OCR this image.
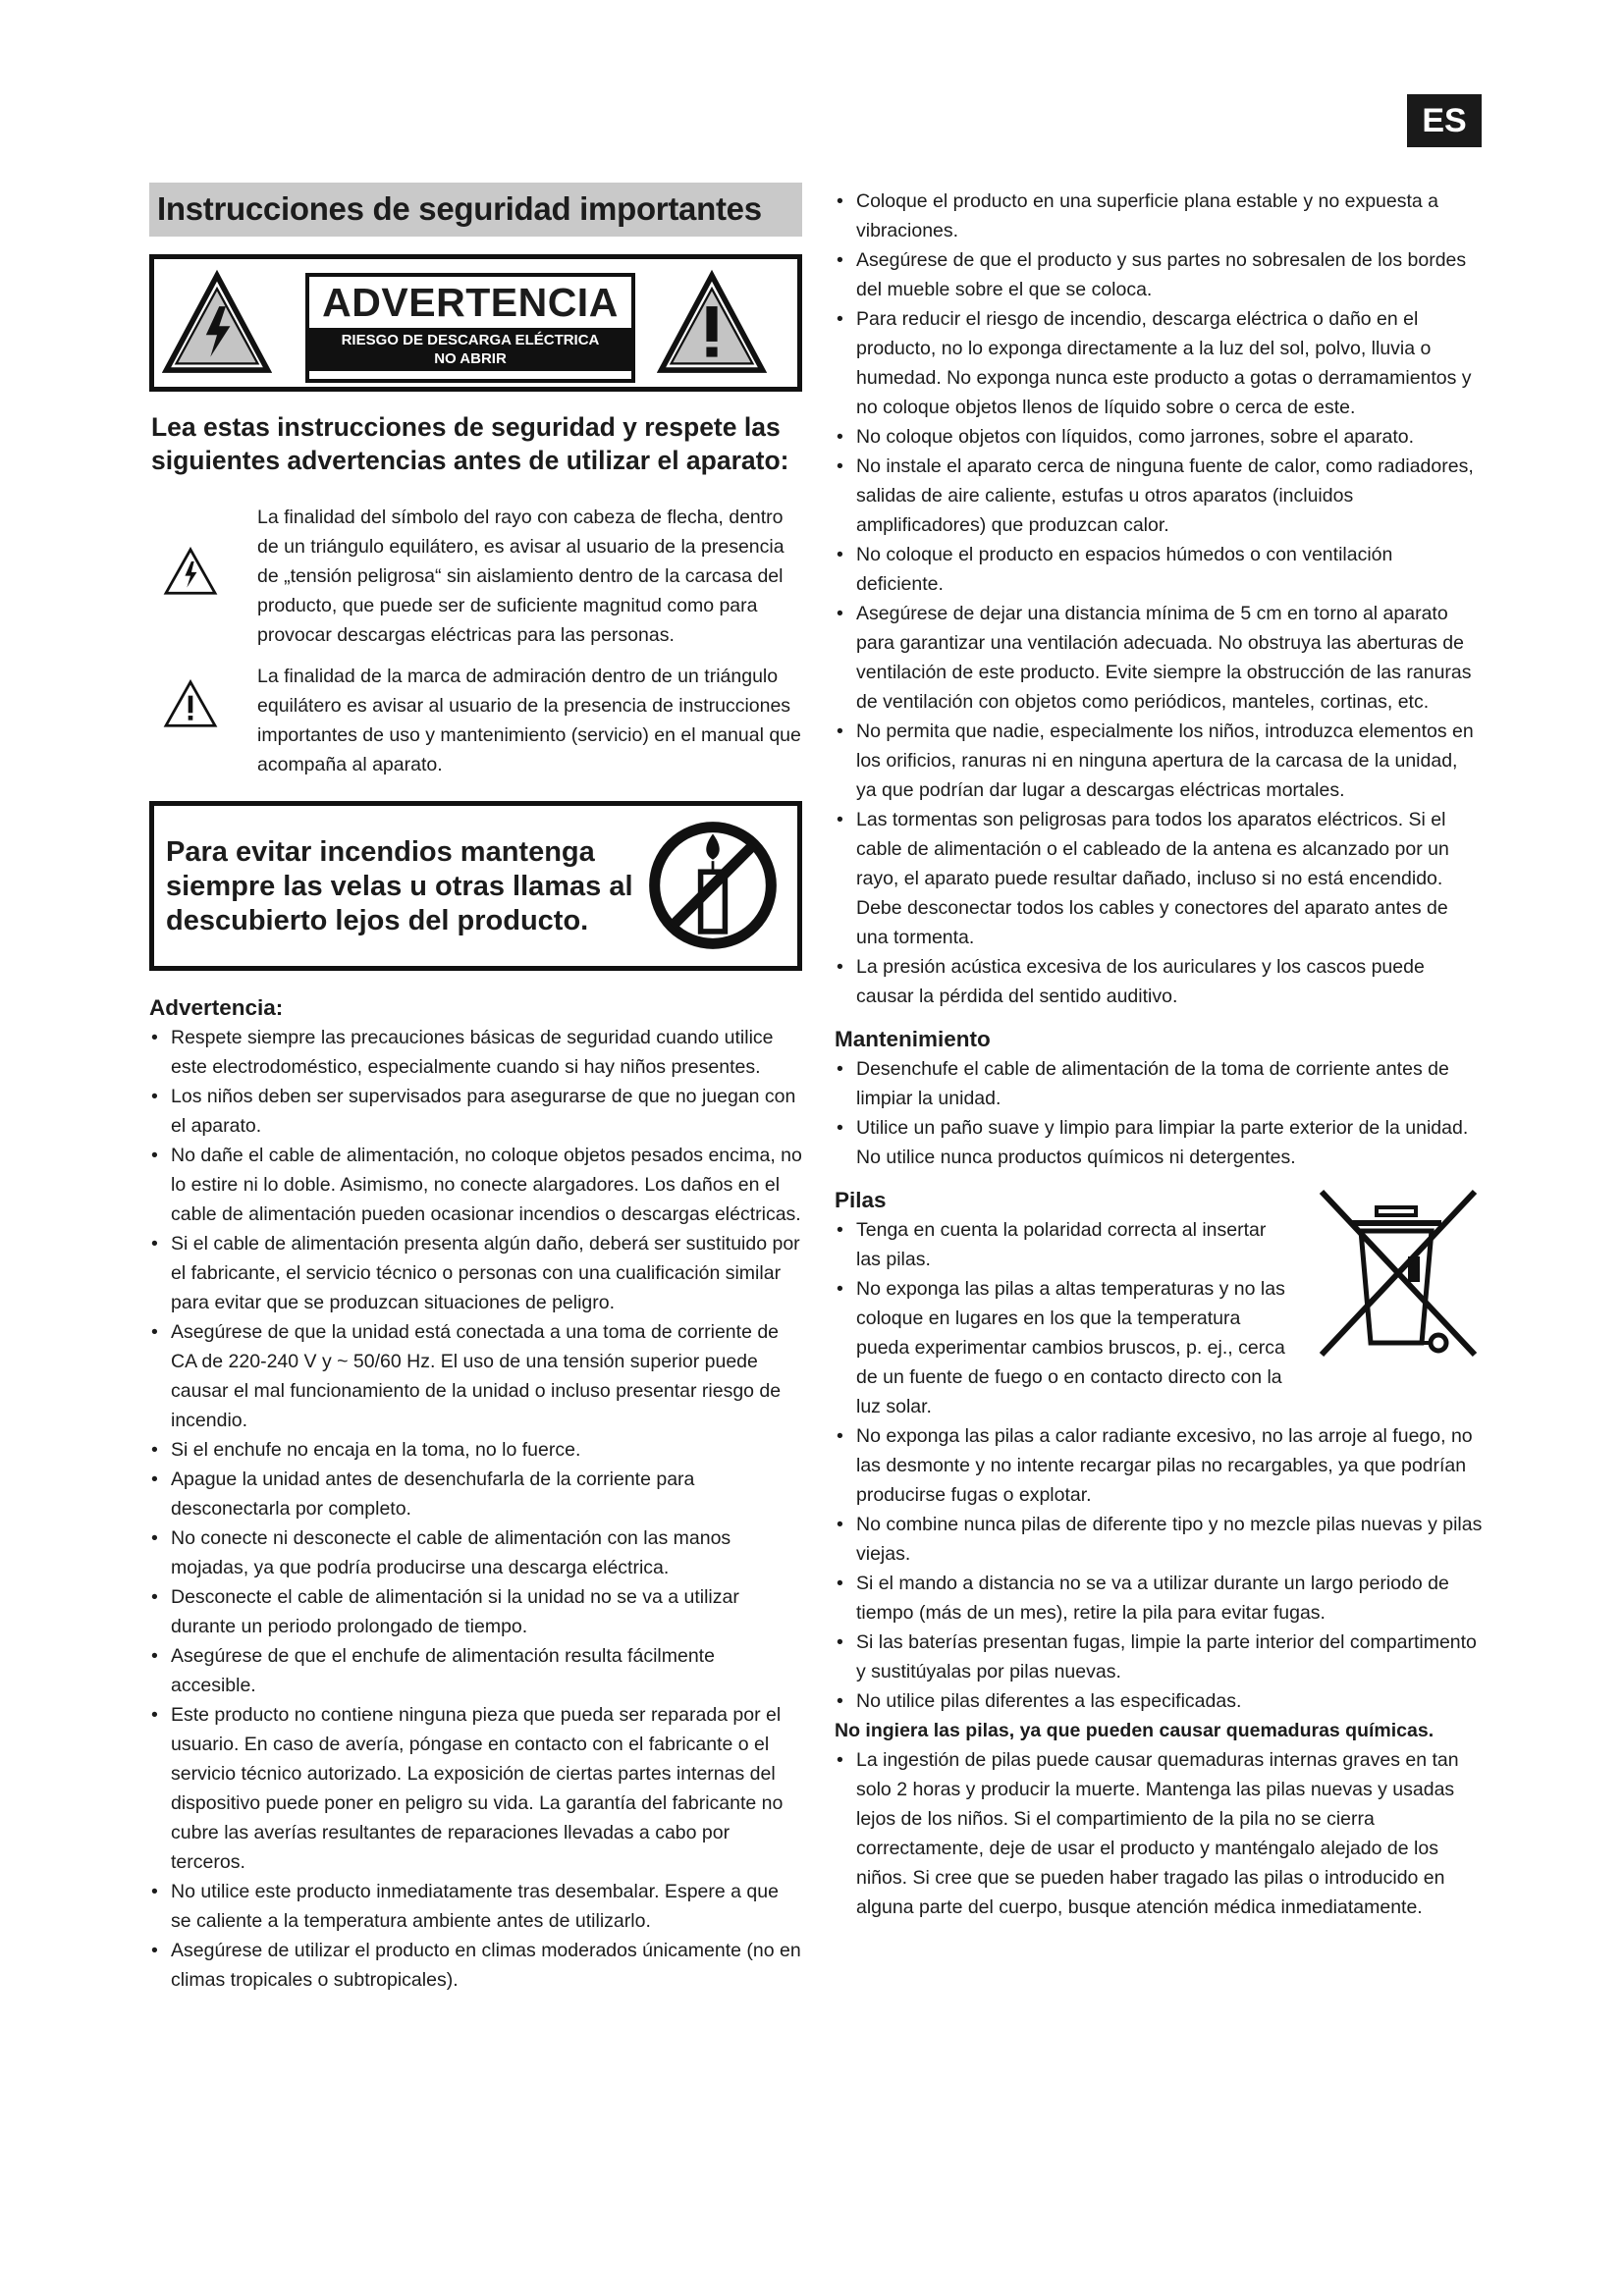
ES
Instrucciones de seguridad importantes
ADVERTENCIA
RIESGO DE DESCARGA ELÉCTRICA
NO ABRIR
Lea estas instrucciones de seguridad y respete las siguientes advertencias antes de utilizar el aparato:
La finalidad del símbolo del rayo con cabeza de flecha, dentro de un triángulo equilátero, es avisar al usuario de la presencia de „tensión peligrosa“ sin aislamiento dentro de la carcasa del producto, que puede ser de suficiente magnitud como para provocar descargas eléctricas para las personas.
La finalidad de la marca de admiración dentro de un triángulo equilátero es avisar al usuario de la presencia de instrucciones importantes de uso y mantenimiento (servicio) en el manual que acompaña al aparato.
Para evitar incendios mantenga siempre las velas u otras llamas al descubierto lejos del producto.
Advertencia:
• Respete siempre las precauciones básicas de seguridad cuando utilice este electrodoméstico, especialmente cuando si hay niños presentes.
• Los niños deben ser supervisados para asegurarse de que no juegan con el aparato.
• No dañe el cable de alimentación, no coloque objetos pesados encima, no lo estire ni lo doble. Asimismo, no conecte alargadores. Los daños en el cable de alimentación pueden ocasionar incendios o descargas eléctricas.
• Si el cable de alimentación presenta algún daño, deberá ser sustituido por el fabricante, el servicio técnico o personas con una cualificación similar para evitar que se produzcan situaciones de peligro.
• Asegúrese de que la unidad está conectada a una toma de corriente de CA de 220-240 V y ~ 50/60 Hz. El uso de una tensión superior puede causar el mal funcionamiento de la unidad o incluso presentar riesgo de incendio.
• Si el enchufe no encaja en la toma, no lo fuerce.
• Apague la unidad antes de desenchufarla de la corriente para desconectarla por completo.
• No conecte ni desconecte el cable de alimentación con las manos mojadas, ya que podría producirse una descarga eléctrica.
• Desconecte el cable de alimentación si la unidad no se va a utilizar durante un periodo prolongado de tiempo.
• Asegúrese de que el enchufe de alimentación resulta fácilmente accesible.
• Este producto no contiene ninguna pieza que pueda ser reparada por el usuario. En caso de avería, póngase en contacto con el fabricante o el servicio técnico autorizado. La exposición de ciertas partes internas del dispositivo puede poner en peligro su vida. La garantía del fabricante no cubre las averías resultantes de reparaciones llevadas a cabo por terceros.
• No utilice este producto inmediatamente tras desembalar. Espere a que se caliente a la temperatura ambiente antes de utilizarlo.
• Asegúrese de utilizar el producto en climas moderados únicamente (no en climas tropicales o subtropicales).
• Coloque el producto en una superficie plana estable y no expuesta a vibraciones.
• Asegúrese de que el producto y sus partes no sobresalen de los bordes del mueble sobre el que se coloca.
• Para reducir el riesgo de incendio, descarga eléctrica o daño en el producto, no lo exponga directamente a la luz del sol, polvo, lluvia o humedad. No exponga nunca este producto a gotas o derramamientos y no coloque objetos llenos de líquido sobre o cerca de este.
• No coloque objetos con líquidos, como jarrones, sobre el aparato.
• No instale el aparato cerca de ninguna fuente de calor, como radiadores, salidas de aire caliente, estufas u otros aparatos (incluidos amplificadores) que produzcan calor.
• No coloque el producto en espacios húmedos o con ventilación deficiente.
• Asegúrese de dejar una distancia mínima de 5 cm en torno al aparato para garantizar una ventilación adecuada. No obstruya las aberturas de ventilación de este producto. Evite siempre la obstrucción de las ranuras de ventilación con objetos como periódicos, manteles, cortinas, etc.
• No permita que nadie, especialmente los niños, introduzca elementos en los orificios, ranuras ni en ninguna apertura de la carcasa de la unidad, ya que podrían dar lugar a descargas eléctricas mortales.
• Las tormentas son peligrosas para todos los aparatos eléctricos. Si el cable de alimentación o el cableado de la antena es alcanzado por un rayo, el aparato puede resultar dañado, incluso si no está encendido. Debe desconectar todos los cables y conectores del aparato antes de una tormenta.
• La presión acústica excesiva de los auriculares y los cascos puede causar la pérdida del sentido auditivo.
Mantenimiento
• Desenchufe el cable de alimentación de la toma de corriente antes de limpiar la unidad.
• Utilice un paño suave y limpio para limpiar la parte exterior de la unidad. No utilice nunca productos químicos ni detergentes.
Pilas
• Tenga en cuenta la polaridad correcta al insertar las pilas.
• No exponga las pilas a altas temperaturas y no las coloque en lugares en los que la temperatura pueda experimentar cambios bruscos, p. ej., cerca de un fuente de fuego o en contacto directo con la luz solar.
• No exponga las pilas a calor radiante excesivo, no las arroje al fuego, no las desmonte y no intente recargar pilas no recargables, ya que podrían producirse fugas o explotar.
• No combine nunca pilas de diferente tipo y no mezcle pilas nuevas y pilas viejas.
• Si el mando a distancia no se va a utilizar durante un largo periodo de tiempo (más de un mes), retire la pila para evitar fugas.
• Si las baterías presentan fugas, limpie la parte interior del compartimento y sustitúyalas por pilas nuevas.
• No utilice pilas diferentes a las especificadas.
No ingiera las pilas, ya que pueden causar quemaduras químicas.
• La ingestión de pilas puede causar quemaduras internas graves en tan solo 2 horas y producir la muerte. Mantenga las pilas nuevas y usadas lejos de los niños. Si el compartimiento de la pila no se cierra correctamente, deje de usar el producto y manténgalo alejado de los niños. Si cree que se pueden haber tragado las pilas o introducido en alguna parte del cuerpo, busque atención médica inmediatamente.
